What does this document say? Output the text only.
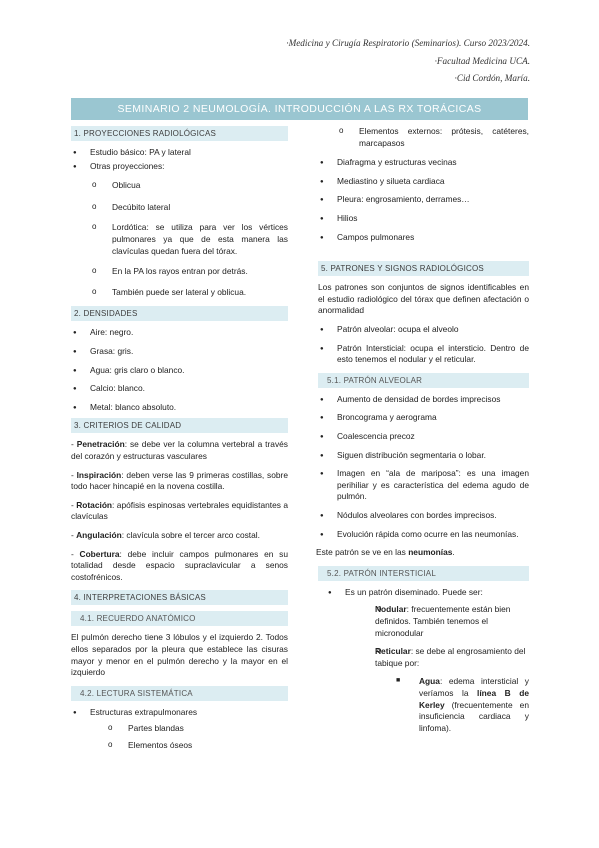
·Medicina y Cirugía Respiratorio (Seminarios). Curso 2023/2024.
·Facultad Medicina UCA.
·Cid Cordón, María.
SEMINARIO 2 NEUMOLOGÍA. INTRODUCCIÓN A LAS RX TORÁCICAS
1. PROYECCIONES RADIOLÓGICAS
● Estudio básico: PA y lateral
● Otras proyecciones:
o Oblicua
o Decúbito lateral
o Lordótica: se utiliza para ver los vértices pulmonares ya que de esta manera las clavículas quedan fuera del tórax.
o En la PA los rayos entran por detrás.
o También puede ser lateral y oblicua.
2. DENSIDADES
● Aire: negro.
● Grasa: gris.
● Agua: gris claro o blanco.
● Calcio: blanco.
● Metal: blanco absoluto.
3. CRITERIOS DE CALIDAD

- Penetración: se debe ver la columna vertebral a través del corazón y estructuras vasculares

- Inspiración: deben verse las 9 primeras costillas, sobre todo hacer hincapié en la novena costilla.

- Rotación: apófisis espinosas vertebrales equidistantes a clavículas

- Angulación: clavícula sobre el tercer arco costal.

- Cobertura: debe incluir campos pulmonares en su totalidad desde espacio supraclavicular a senos costofrénicos.

4. INTERPRETACIONES BÁSICAS
4.1. RECUERDO ANATÓMICO

El pulmón derecho tiene 3 lóbulos y el izquierdo 2. Todos ellos separados por la pleura que establece las cisuras mayor y menor en el pulmón derecho y la mayor en el izquierdo

4.2. LECTURA SISTEMÁTICA
● Estructuras extrapulmonares
o Partes blandas
o Elementos óseos
o Elementos externos: prótesis, catéteres, marcapasos
● Diafragma y estructuras vecinas
● Mediastino y silueta cardiaca
● Pleura: engrosamiento, derrames…
● Hilios
● Campos pulmonares
5. PATRONES Y SIGNOS RADIOLÓGICOS

Los patrones son conjuntos de signos identificables en el estudio radiológico del tórax que definen afectación o anormalidad

● Patrón alveolar: ocupa el alveolo
● Patrón Intersticial: ocupa el intersticio. Dentro de esto tenemos el nodular y el reticular.
5.1. PATRÓN ALVEOLAR
● Aumento de densidad de bordes imprecisos
● Broncograma y aerograma
● Coalescencia precoz
● Siguen distribución segmentaria o lobar.
● Imagen en “ala de mariposa”: es una imagen perihiliar y es característica del edema agudo de pulmón.
● Nódulos alveolares con bordes imprecisos.
● Evolución rápida como ocurre en las neumonías.

Este patrón se ve en las neumonías.

5.2. PATRÓN INTERSTICIAL
● Es un patrón diseminado. Puede ser:
o Nodular: frecuentemente están bien definidos. También tenemos el micronodular
o Reticular: se debe al engrosamiento del tabique por:
■ Agua: edema intersticial y veríamos la línea B de Kerley (frecuentemente en insuficiencia cardiaca y linfoma).
